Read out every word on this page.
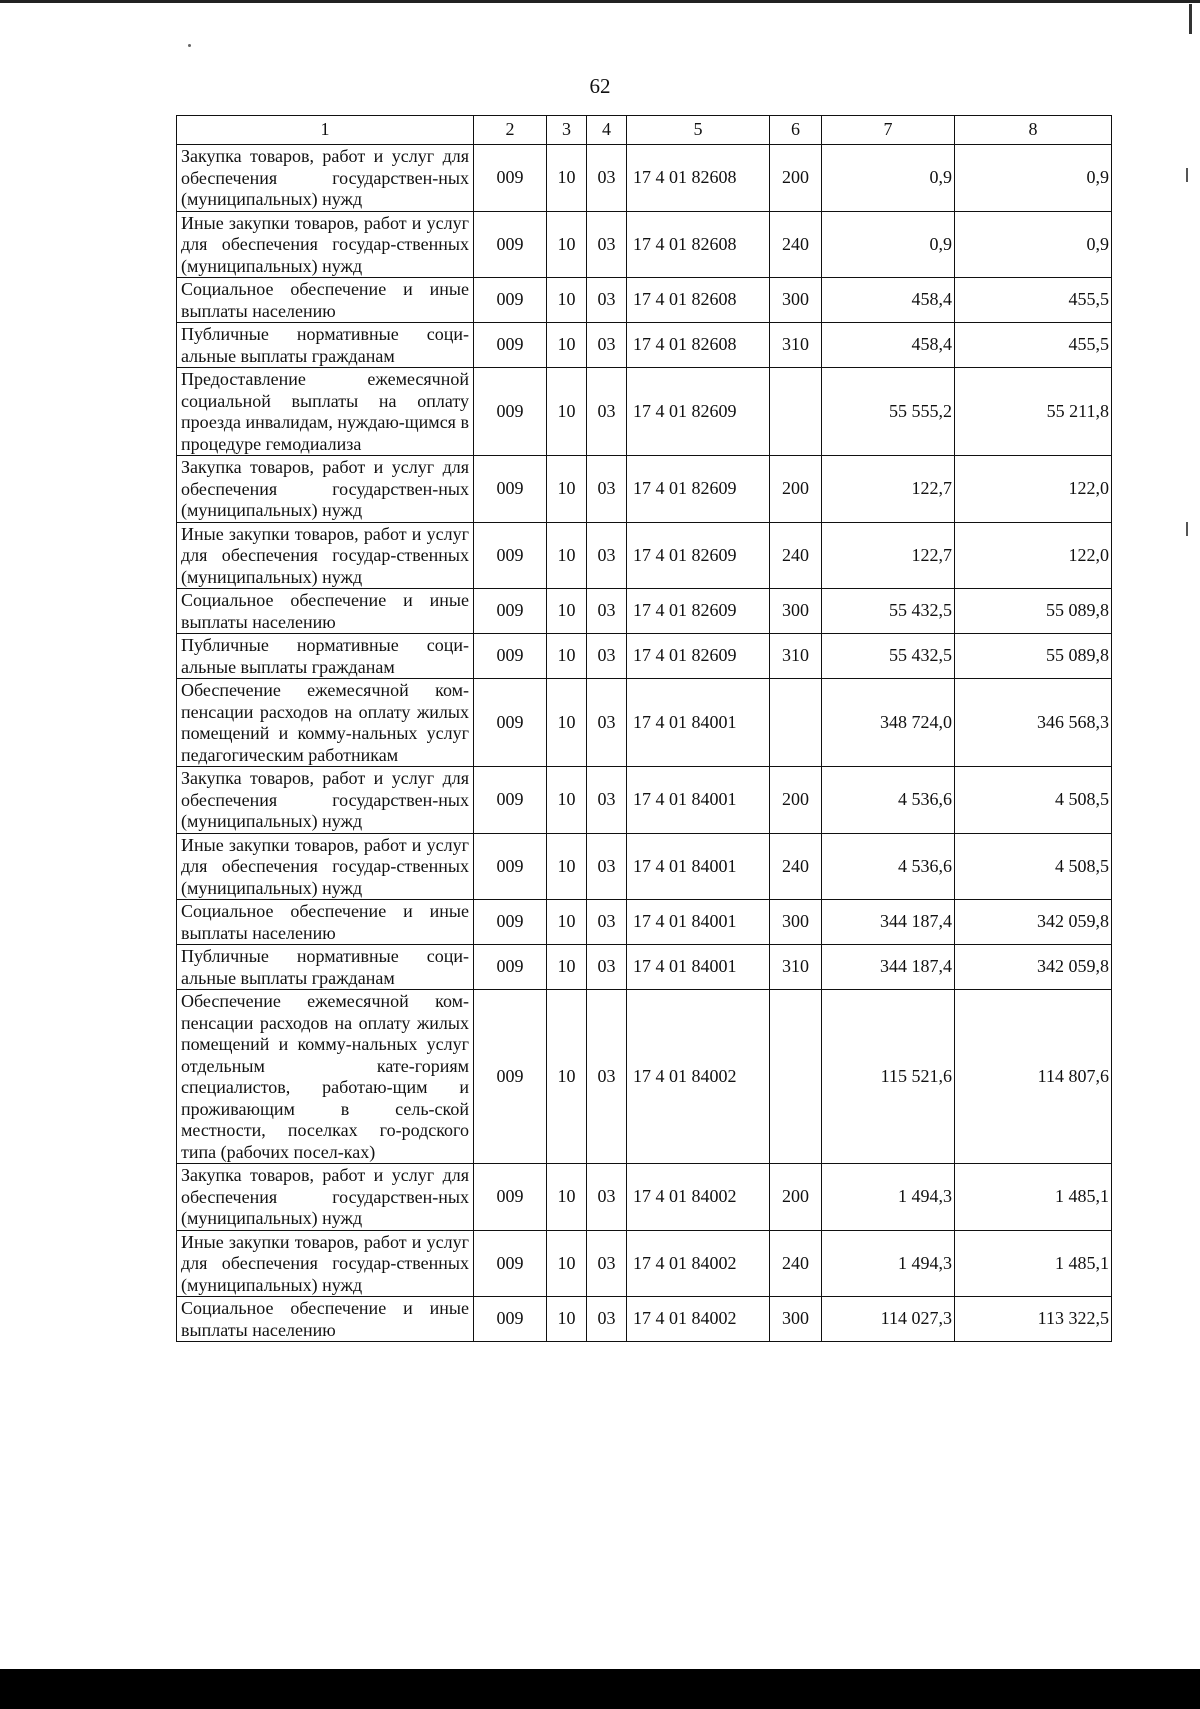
62
1	2	3	4	5	6	7	8
Закупка товаров, работ и услуг для обеспечения государствен-ных (муниципальных) нужд	009	10	03	17 4 01 82608	200	0,9	0,9
Иные закупки товаров, работ и услуг для обеспечения государ-ственных (муниципальных) нужд	009	10	03	17 4 01 82608	240	0,9	0,9
Социальное обеспечение и иные выплаты населению	009	10	03	17 4 01 82608	300	458,4	455,5
Публичные нормативные соци-альные выплаты гражданам	009	10	03	17 4 01 82608	310	458,4	455,5
Предоставление ежемесячной социальной выплаты на оплату проезда инвалидам, нуждаю-щимся в процедуре гемодиализа	009	10	03	17 4 01 82609		55 555,2	55 211,8
Закупка товаров, работ и услуг для обеспечения государствен-ных (муниципальных) нужд	009	10	03	17 4 01 82609	200	122,7	122,0
Иные закупки товаров, работ и услуг для обеспечения государ-ственных (муниципальных) нужд	009	10	03	17 4 01 82609	240	122,7	122,0
Социальное обеспечение и иные выплаты населению	009	10	03	17 4 01 82609	300	55 432,5	55 089,8
Публичные нормативные соци-альные выплаты гражданам	009	10	03	17 4 01 82609	310	55 432,5	55 089,8
Обеспечение ежемесячной ком-пенсации расходов на оплату жилых помещений и комму-нальных услуг педагогическим работникам	009	10	03	17 4 01 84001		348 724,0	346 568,3
Закупка товаров, работ и услуг для обеспечения государствен-ных (муниципальных) нужд	009	10	03	17 4 01 84001	200	4 536,6	4 508,5
Иные закупки товаров, работ и услуг для обеспечения государ-ственных (муниципальных) нужд	009	10	03	17 4 01 84001	240	4 536,6	4 508,5
Социальное обеспечение и иные выплаты населению	009	10	03	17 4 01 84001	300	344 187,4	342 059,8
Публичные нормативные соци-альные выплаты гражданам	009	10	03	17 4 01 84001	310	344 187,4	342 059,8
Обеспечение ежемесячной ком-пенсации расходов на оплату жилых помещений и комму-нальных услуг отдельным кате-гориям специалистов, работаю-щим и проживающим в сель-ской местности, поселках го-родского типа (рабочих посел-ках)	009	10	03	17 4 01 84002		115 521,6	114 807,6
Закупка товаров, работ и услуг для обеспечения государствен-ных (муниципальных) нужд	009	10	03	17 4 01 84002	200	1 494,3	1 485,1
Иные закупки товаров, работ и услуг для обеспечения государ-ственных (муниципальных) нужд	009	10	03	17 4 01 84002	240	1 494,3	1 485,1
Социальное обеспечение и иные выплаты населению	009	10	03	17 4 01 84002	300	114 027,3	113 322,5
